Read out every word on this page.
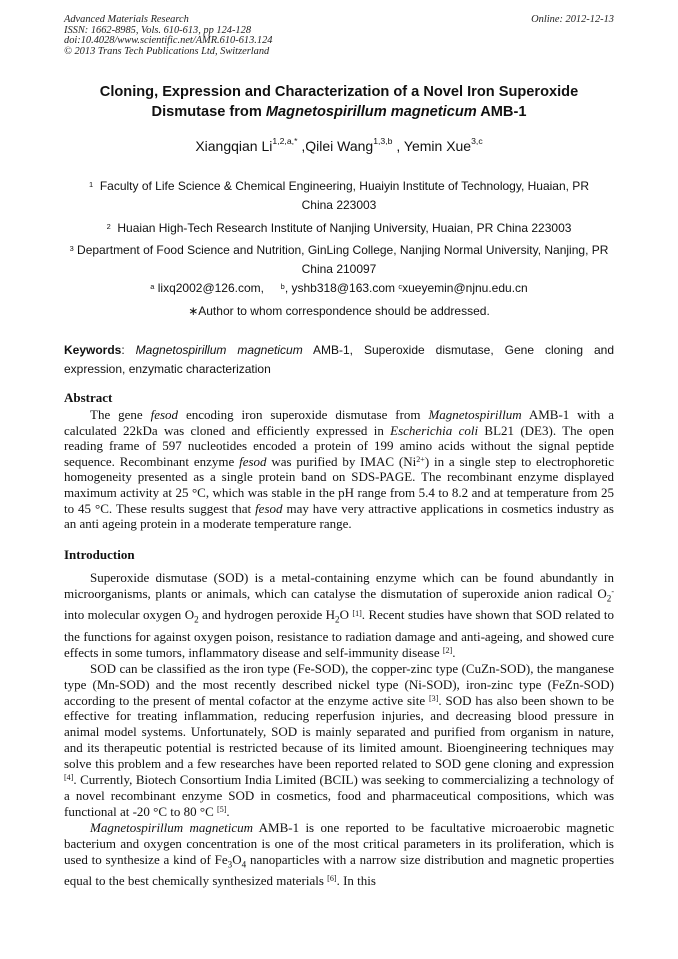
Advanced Materials Research
ISSN: 1662-8985, Vols. 610-613, pp 124-128
doi:10.4028/www.scientific.net/AMR.610-613.124
© 2013 Trans Tech Publications Ltd, Switzerland
Online: 2012-12-13
Cloning, Expression and Characterization of a Novel Iron Superoxide
Dismutase from Magnetospirillum magneticum AMB-1
Xiangqian $Li^{1,2,a,*}$ ,Qilei Wang$^{1,3,b}$ , Yemin Xue$^{3,c}$
$^1$ Faculty of Life Science & Chemical Engineering, Huaiyin Institute of Technology, Huaian, PR China 223003
$^2$ Huaian High-Tech Research Institute of Nanjing University, Huaian, PR China 223003
$^3$ Department of Food Science and Nutrition, GinLing College, Nanjing Normal University, Nanjing, PR China 210097
$^a$ lixq2002@126.com, $^b$, yshb318@163.com $^c$xueyemin@njnu.edu.cn
∗Author to whom correspondence should be addressed.
Keywords: Magnetospirillum magneticum AMB-1, Superoxide dismutase, Gene cloning and expression, enzymatic characterization
Abstract

The gene fesod encoding iron superoxide dismutase from Magnetospirillum AMB-1 with a calculated 22kDa was cloned and efficiently expressed in Escherichia coli BL21 (DE3). The open reading frame of 597 nucleotides encoded a protein of 199 amino acids without the signal peptide sequence. Recombinant enzyme fesod was purified by IMAC $(Ni^{2+})$ in a single step to electrophoretic homogeneity presented as a single protein band on SDS-PAGE. The recombinant enzyme displayed maximum activity at 25 °C, which was stable in the pH range from 5.4 to 8.2 and at temperature from 25 to 45 °C. These results suggest that fesod may have very attractive applications in cosmetics industry as an anti ageing protein in a moderate temperature range.

Introduction

Superoxide dismutase (SOD) is a metal-containing enzyme which can be found abundantly in microorganisms, plants or animals, which can catalyse the dismutation of superoxide anion radical $O_2^-$ into molecular oxygen $O_2$ and hydrogen peroxide $H_2O$ [1]. Recent studies have shown that SOD related to the functions for against oxygen poison, resistance to radiation damage and anti-ageing, and showed cure effects in some tumors, inflammatory disease and self-immunity disease [2].

SOD can be classified as the iron type (Fe-SOD), the copper-zinc type (CuZn-SOD), the manganese type (Mn-SOD) and the most recently described nickel type (Ni-SOD), iron-zinc type (FeZn-SOD) according to the present of mental cofactor at the enzyme active site [3]. SOD has also been shown to be effective for treating inflammation, reducing reperfusion injuries, and decreasing blood pressure in animal model systems. Unfortunately, SOD is mainly separated and purified from organism in nature, and its therapeutic potential is restricted because of its limited amount. Bioengineering techniques may solve this problem and a few researches have been reported related to SOD gene cloning and expression [4]. Currently, Biotech Consortium India Limited (BCIL) was seeking to commercializing a technology of a novel recombinant enzyme SOD in cosmetics, food and pharmaceutical compositions, which was functional at -20 °C to 80 °C [5].

Magnetospirillum magneticum AMB-1 is one reported to be facultative microaerobic magnetic bacterium and oxygen concentration is one of the most critical parameters in its proliferation, which is used to synthesize a kind of $Fe_3O_4$ nanoparticles with a narrow size distribution and magnetic properties equal to the best chemically synthesized materials [6]. In this
